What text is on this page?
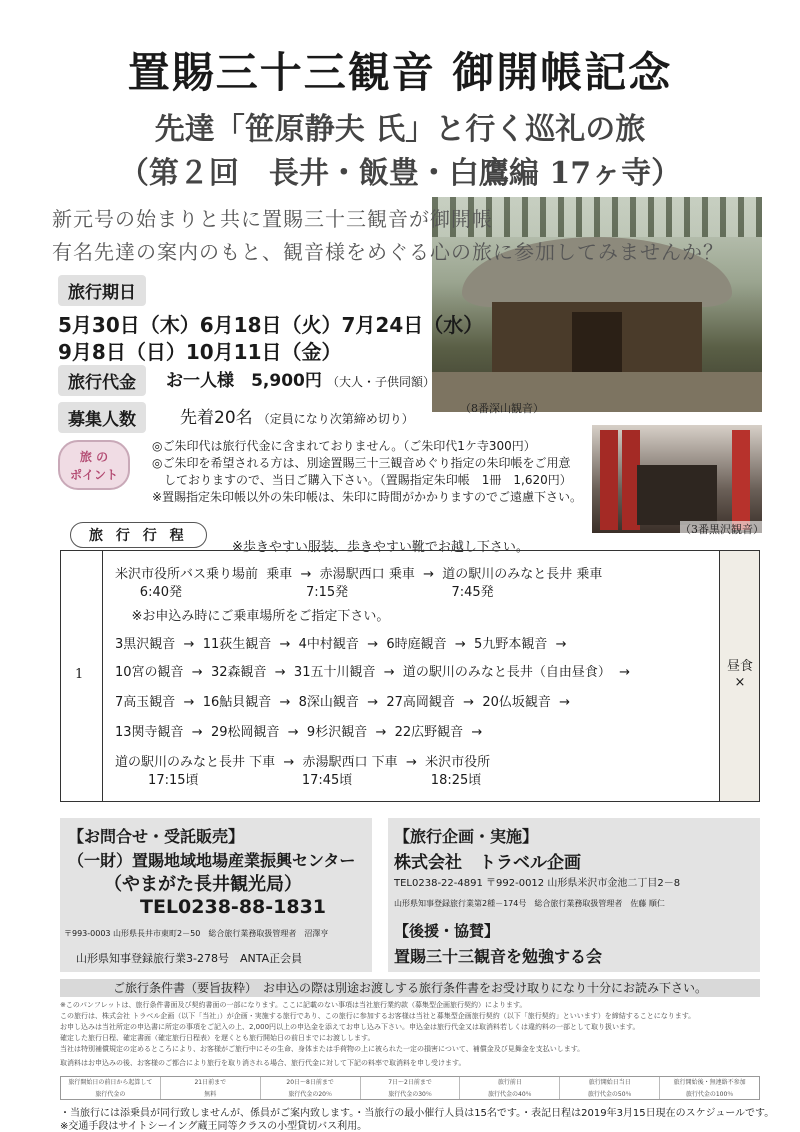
置賜三十三観音 御開帳記念
先達「笹原静夫 氏」と行く巡礼の旅
（第２回　長井・飯豊・白鷹編 17ヶ寺）
（8番深山観音）
新元号の始まりと共に置賜三十三観音が御開帳
有名先達の案内のもと、観音様をめぐる心の旅に参加してみませんか？
旅行期日
5月30日（木）6月18日（火）7月24日（水）
9月8日（日）10月11日（金）
旅行代金	お一人様 5,900円 （大人・子供同額）
募集人数	先着20名 （定員になり次第締め切り）
旅 の
ポイント
◎ご朱印代は旅行代金に含まれておりません。（ご朱印代1ケ寺300円）
◎ご朱印を希望される方は、別途置賜三十三観音めぐり指定の朱印帳をご用意
　しておりますので、当日ご購入下さい。（置賜指定朱印帳　1冊　1,620円）
※置賜指定朱印帳以外の朱印帳は、朱印に時間がかかりますのでご遠慮下さい。
（3番黒沢観音）
旅 行 行 程
※歩きやすい服装、歩きやすい靴でお越し下さい。
1
米沢市役所バス乗り場前  乗車  →  赤湯駅西口 乗車  →  道の駅川のみなと長井 乗車
6:40発                              7:15発                         7:45発
※お申込み時にご乗車場所をご指定下さい。
3黒沢観音  →  11荻生観音  →  4中村観音  →  6時庭観音  →  5九野本観音  →
10宮の観音  →  32森観音  →  31五十川観音  →  道の駅川のみなと長井（自由昼食）  →
7高玉観音  →  16鮎貝観音  →  8深山観音  →  27高岡観音  →  20仏坂観音  →
13関寺観音  →  29松岡観音  →  9杉沢観音  →  22広野観音  →
道の駅川のみなと長井 下車  →  赤湯駅西口 下車  →  米沢市役所
17:15頃                         17:45頃                   18:25頃
昼食
×
【お問合せ・受託販売】
（一財）置賜地域地場産業振興センター
（やまがた長井観光局）
TEL0238-88-1831
〒993-0003 山形県長井市東町2－50　総合旅行業務取扱管理者　沼澤亨
山形県知事登録旅行業3-278号　ANTA正会員
【旅行企画・実施】
株式会社　トラベル企画
TEL0238-22-4891 〒992-0012 山形県米沢市金池二丁目2－8
山形県知事登録旅行業第2種－174号　総合旅行業務取扱管理者　佐藤 順仁
【後援・協賛】
置賜三十三観音を勉強する会
ご旅行条件書（要旨抜粋）　お申込の際は別途お渡しする旅行条件書をお受け取りになり十分にお読み下さい。
※このパンフレットは、旅行条件書面及び契約書面の一部になります。ここに記載のない事項は当社旅行業約款（募集型企画旅行契約）によります。
この旅行は、株式会社 トラベル企画（以下「当社」）が企画・実施する旅行であり、この旅行に参加するお客様は当社と募集型企画旅行契約（以下「旅行契約」といいます）を締結することになります。
お申し込みは当社所定の申込書に所定の事項をご記入の上、2,000円以上の申込金を添えてお申し込み下さい。申込金は旅行代金又は取消料若しくは違約料の一部として取り扱います。
確定した旅行日程、確定書面（確定旅行日程表）を遅くとも旅行開始日の前日までにお渡しします。
当社は特別補償規定の定めるところにより、お客様がご旅行中にその生命、身体または手荷物の上に被られた一定の損害について、補償金及び見舞金を支払いします。
取消料はお申込みの後、お客様のご都合により旅行を取り消される場合、旅行代金に対して下記の料率で取消料を申し受けます。
旅行開始日の前日から起算して
旅行代金の
21日前まで
無料
20日～8日前まで
旅行代金の20％
7日～2日前まで
旅行代金の30％
旅行前日
旅行代金の40％
旅行開始日当日
旅行代金の50％
旅行開始後・無連絡不参加
旅行代金の100％
・当旅行には添乗員が同行致しませんが、係員がご案内致します。・当旅行の最小催行人員は15名です。・表記日程は2019年3月15日現在のスケジュールです。
※交通手段はサイトシーイング蔵王同等クラスの小型貸切バス利用。
